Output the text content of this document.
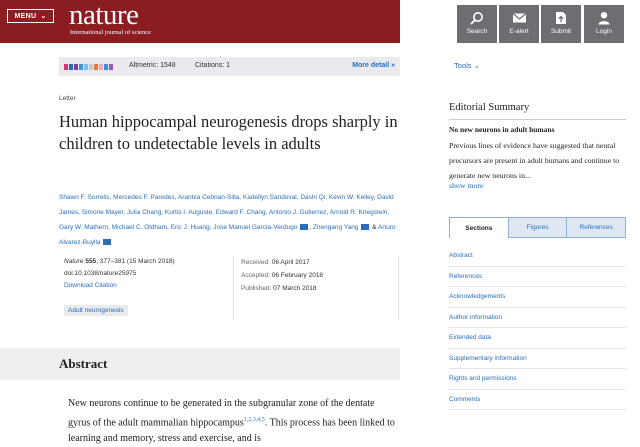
MENU ⌄ nature
International journal of science	Search	E-alert	Submit	Login
Altmetric: 1548	Citations: 1	More detail »	Tools ⌄
Letter
Human hippocampal neurogenesis drops sharply in children to undetectable levels in adults
Shawn F. Sorrells, Mercedes F. Paredes, Arantxa Cebrian-Silla, Kadellyn Sandoval, Dashi Qi, Kevin W. Kelley, David James, Simone Mayer, Julia Chang, Kurtis I. Auguste, Edward F. Chang, Antonio J. Gutierrez, Arnold R. Kriegstein, Gary W. Mathern, Michael C. Oldham, Eric J. Huang, Jose Manuel Garcia-Verdugo , Zhengang Yang & Arturo Alvarez-Buylla
Nature 555, 377–381 (15 March 2018)
doi:10.1038/nature25975
Download Citation
Adult neurogenesis
Received: 06 April 2017
Accepted: 06 February 2018
Published: 07 March 2018
Abstract

New neurons continue to be generated in the subgranular zone of the dentate gyrus of the adult mammalian hippocampus$^{1,2,3,4,5}$. This process has been linked to learning and memory, stress and exercise, and is

Editorial Summary
No new neurons in adult humans

Previous lines of evidence have suggested that neural precursors are present in adult humans and continue to generate new neurons in...

show more
Sections	Figures	References
Abstract
References
Acknowledgements
Author information
Extended data
Supplementary information
Rights and permissions
Comments
